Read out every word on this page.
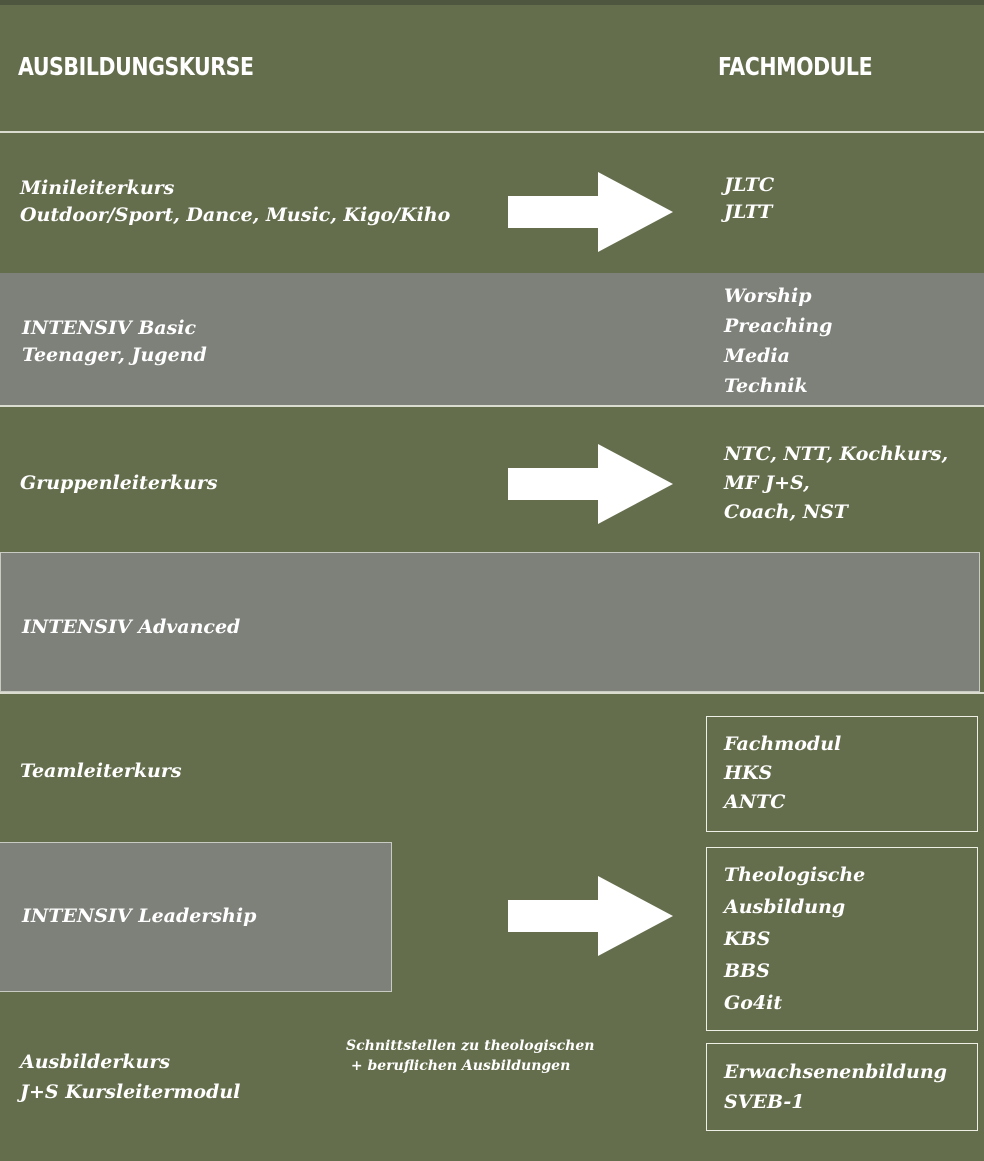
AUSBILDUNGSKURSE	FACHMODULE
Minileiterkurs
Outdoor/Sport, Dance, Music, Kigo/Kiho
JLTC
JLTT
INTENSIV Basic
Teenager, Jugend
Worship
Preaching
Media
Technik
Gruppenleiterkurs
NTC, NTT, Kochkurs,
MF J+S,
Coach, NST
INTENSIV Advanced
Teamleiterkurs
Fachmodul
HKS
ANTC
INTENSIV Leadership
Theologische
Ausbildung
KBS
BBS
Go4it
Ausbilderkurs
J+S Kursleitermodul
Schnittstellen zu theologischen
+ beruflichen Ausbildungen	Erwachsenenbildung
SVEB-1
